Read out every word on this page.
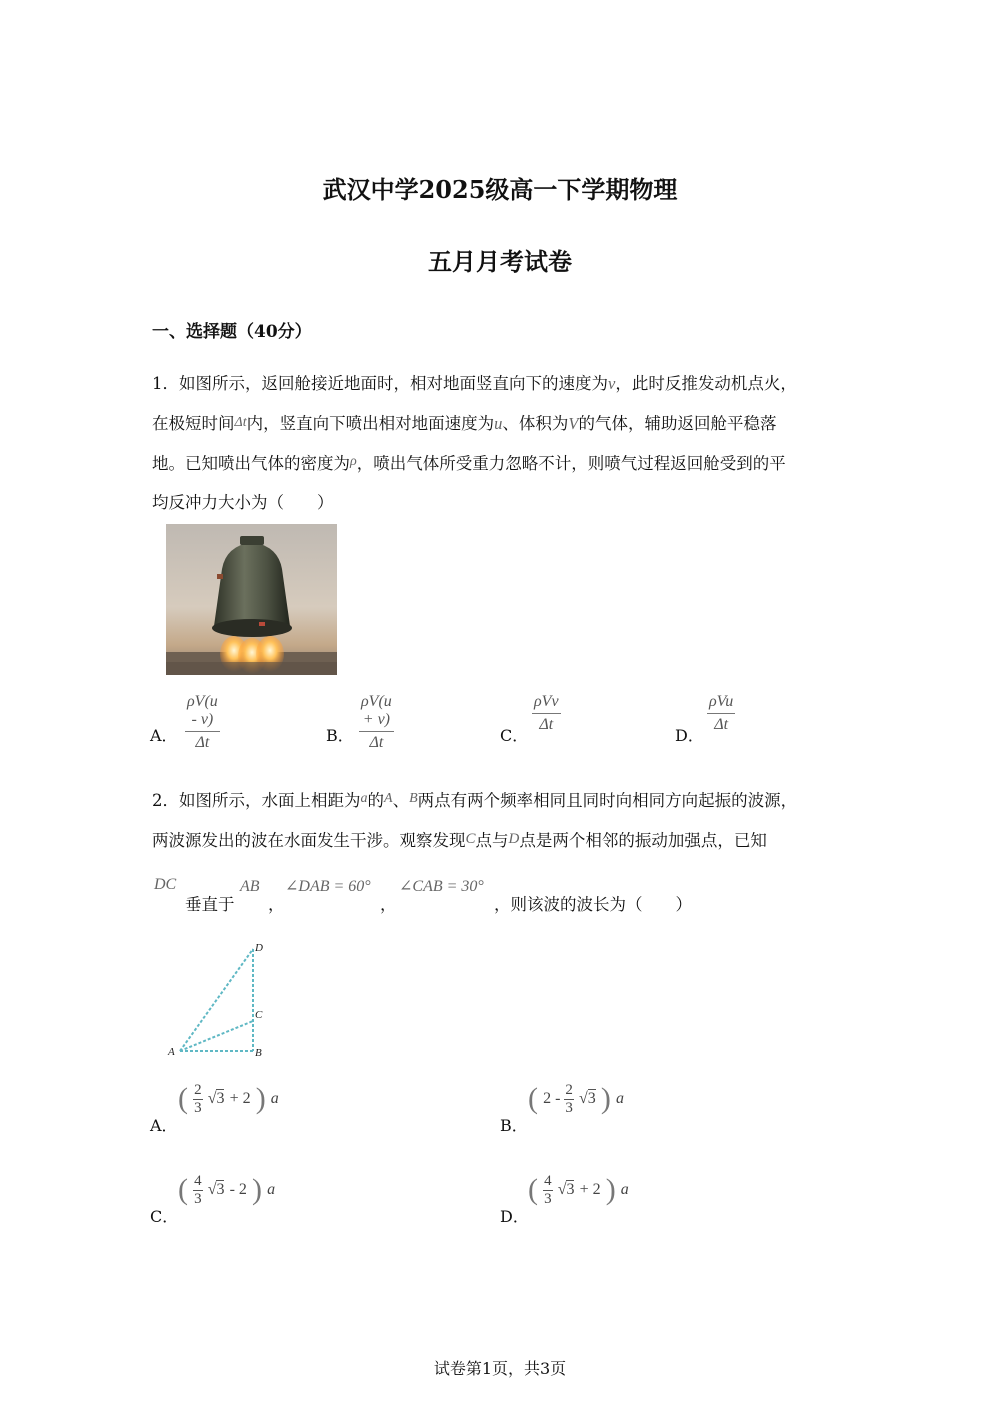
武汉中学2025级高一下学期物理
五月月考试卷
一、选择题（40分）
1．如图所示，返回舱接近地面时，相对地面竖直向下的速度为v，此时反推发动机点火，
在极短时间Δt内，竖直向下喷出相对地面速度为u、体积为V的气体，辅助返回舱平稳落
地。已知喷出气体的密度为$^\rho$，喷出气体所受重力忽略不计，则喷气过程返回舱受到的平
均反冲力大小为（　　）
A． $\frac{\rho V(u - v)}{\Delta t}$	B． $\frac{\rho V(u + v)}{\Delta t}$	C．
ρVv
Δt
D．
ρVu
Δt
2．如图所示，水面上相距为$^a$的$^A$、$^B$两点有两个频率相同且同时向相同方向起振的波源，
两波源发出的波在水面发生干涉。观察发现C点与D点是两个相邻的振动加强点，已知
DC
垂直于
AB
，
∠DAB = 60°
，
∠CAB = 30°
，则该波的波长为（　　）
D
C
A	B
A．
( $\frac{2}{3} √3 + 2$ ) a
B．
( $2 - \frac{2}{3} √3$ ) a
C．
( $\frac{4}{3} √3 - 2$ ) a
D．
( $\frac{4}{3} √3 + 2$ ) a
试卷第1页，共3页
